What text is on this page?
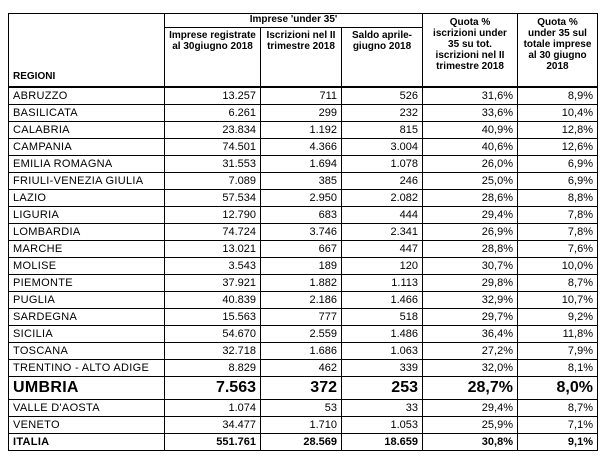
REGIONI	Imprese 'under 35'			Quota % iscrizioni under 35 su tot. iscrizioni nel II trimestre 2018	Quota % under 35 sul totale imprese al 30 giugno 2018
	Imprese registrate al 30giugno 2018	Iscrizioni nel II trimestre 2018	Saldo aprile-giugno 2018		
ABRUZZO	13.257	711	526	31,6%	8,9%
BASILICATA	6.261	299	232	33,6%	10,4%
CALABRIA	23.834	1.192	815	40,9%	12,8%
CAMPANIA	74.501	4.366	3.004	40,6%	12,6%
EMILIA ROMAGNA	31.553	1.694	1.078	26,0%	6,9%
FRIULI-VENEZIA GIULIA	7.089	385	246	25,0%	6,9%
LAZIO	57.534	2.950	2.082	28,6%	8,8%
LIGURIA	12.790	683	444	29,4%	7,8%
LOMBARDIA	74.724	3.746	2.341	26,9%	7,8%
MARCHE	13.021	667	447	28,8%	7,6%
MOLISE	3.543	189	120	30,7%	10,0%
PIEMONTE	37.921	1.882	1.113	29,8%	8,7%
PUGLIA	40.839	2.186	1.466	32,9%	10,7%
SARDEGNA	15.563	777	518	29,7%	9,2%
SICILIA	54.670	2.559	1.486	36,4%	11,8%
TOSCANA	32.718	1.686	1.063	27,2%	7,9%
TRENTINO - ALTO ADIGE	8.829	462	339	32,0%	8,1%
UMBRIA	7.563	372	253	28,7%	8,0%
VALLE D'AOSTA	1.074	53	33	29,4%	8,7%
VENETO	34.477	1.710	1.053	25,9%	7,1%
ITALIA	551.761	28.569	18.659	30,8%	9,1%
